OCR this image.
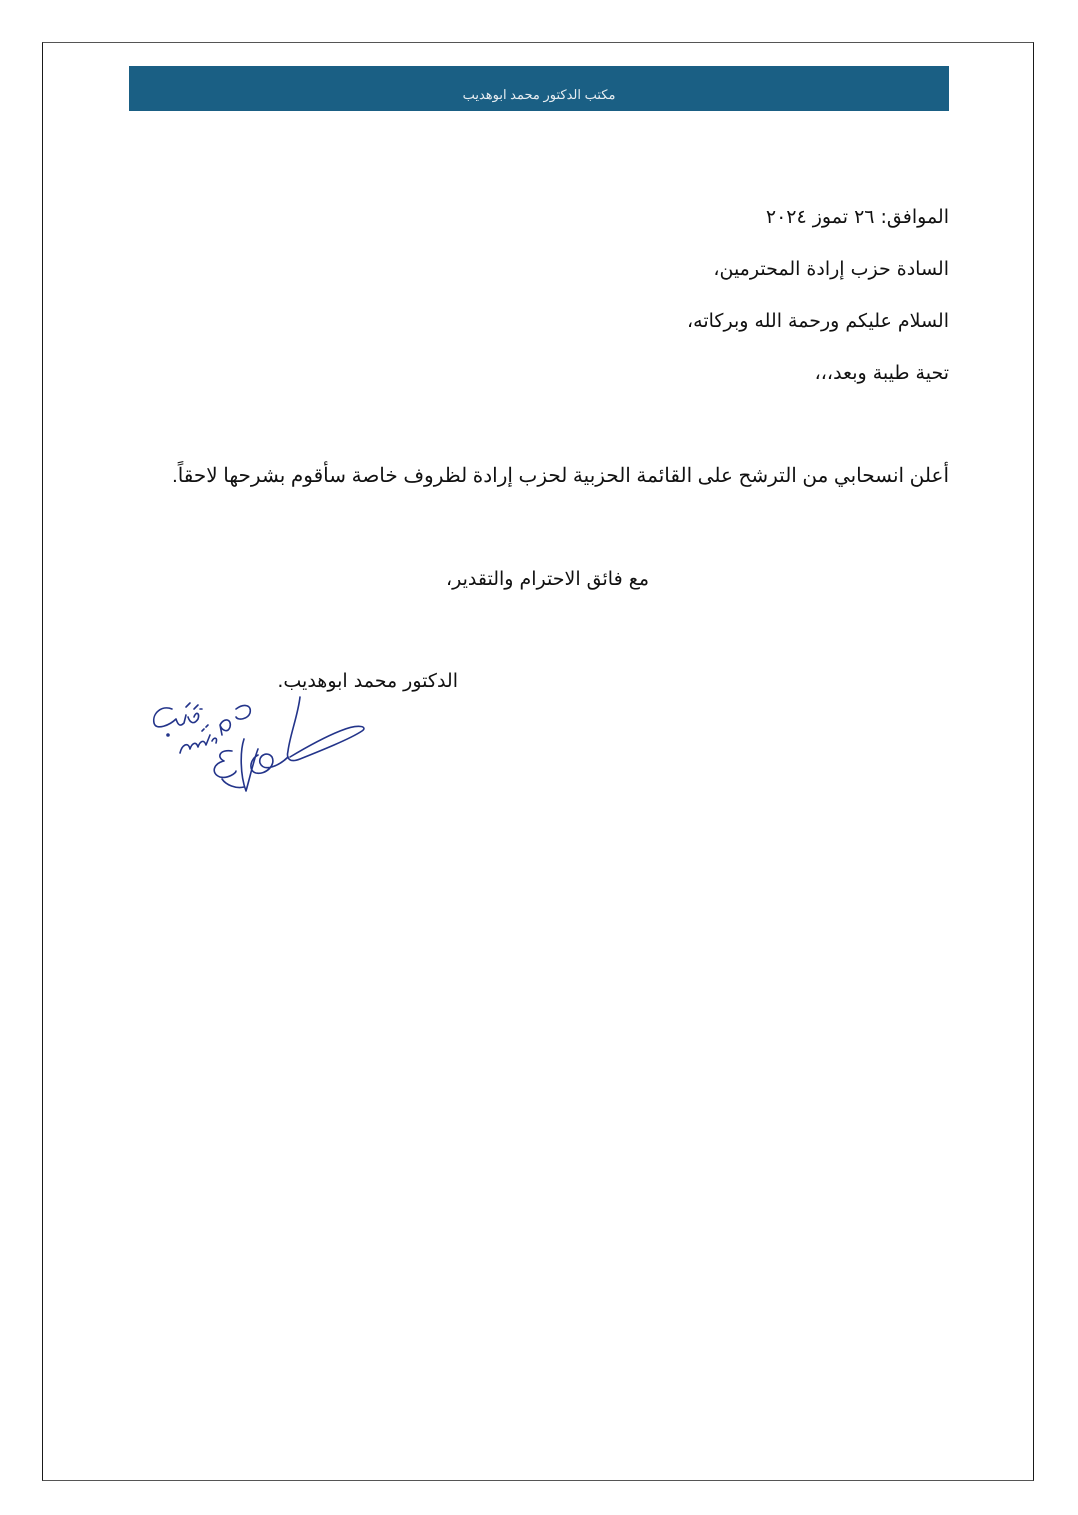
مكتب الدكتور محمد ابوهديب
الموافق: ٢٦ تموز ٢٠٢٤
السادة حزب إرادة المحترمين،
السلام عليكم ورحمة الله وبركاته،
تحية طيبة وبعد،،،
أعلن انسحابي من الترشح على القائمة الحزبية لحزب إرادة لظروف خاصة سأقوم بشرحها لاحقاً.
مع فائق الاحترام والتقدير،
الدكتور محمد ابوهديب.
